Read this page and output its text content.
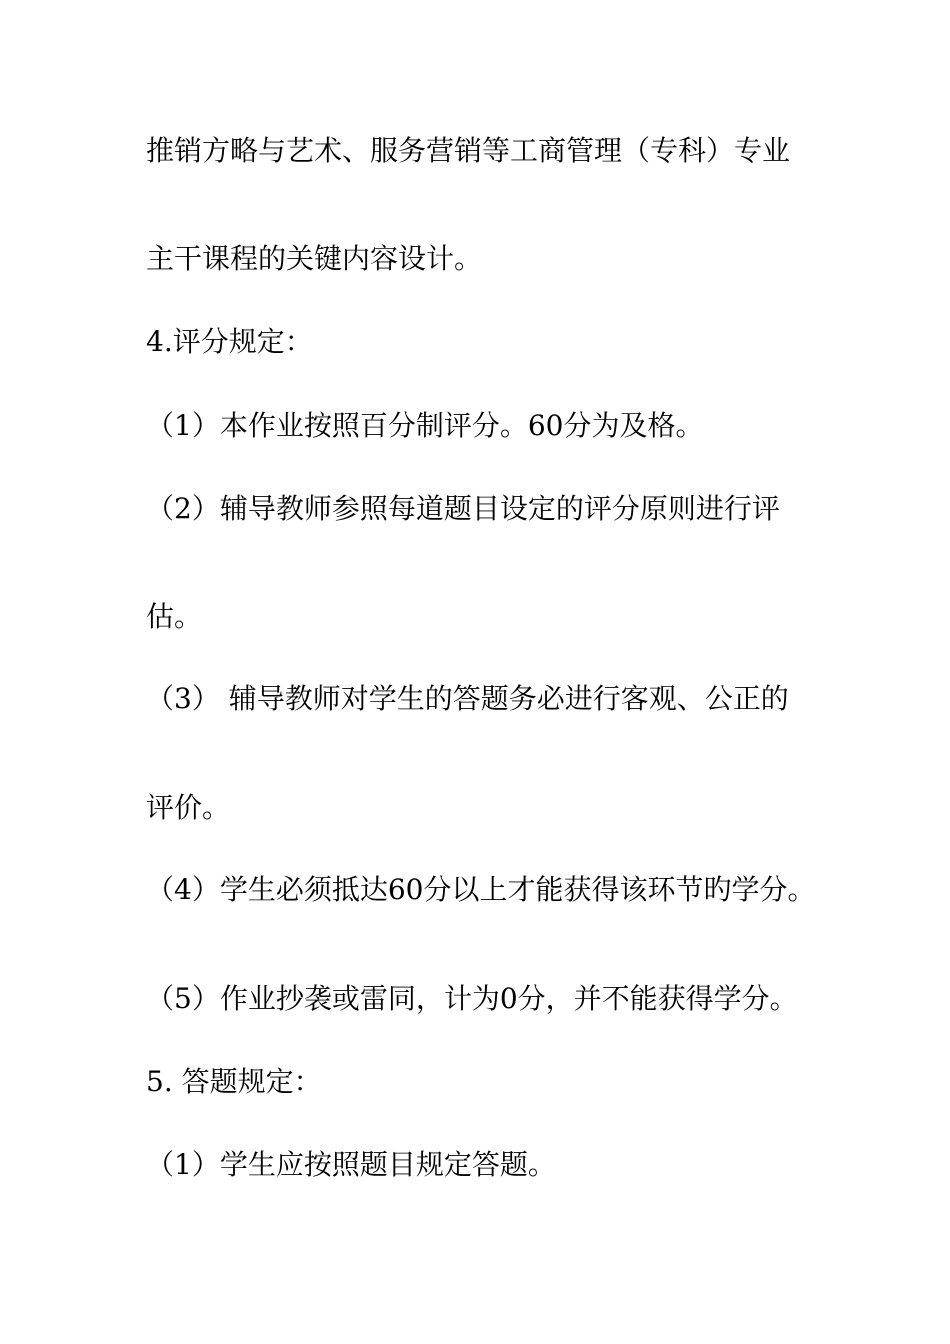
推销方略与艺术、服务营销等工商管理（专科）专业
主干课程的关键内容设计。
4.评分规定：
（1）本作业按照百分制评分。60分为及格。
（2）辅导教师参照每道题目设定的评分原则进行评
估。
（3） 辅导教师对学生的答题务必进行客观、公正的
评价。
（4）学生必须抵达60分以上才能获得该环节旳学分。
（5）作业抄袭或雷同，计为0分，并不能获得学分。
5. 答题规定：
（1）学生应按照题目规定答题。
